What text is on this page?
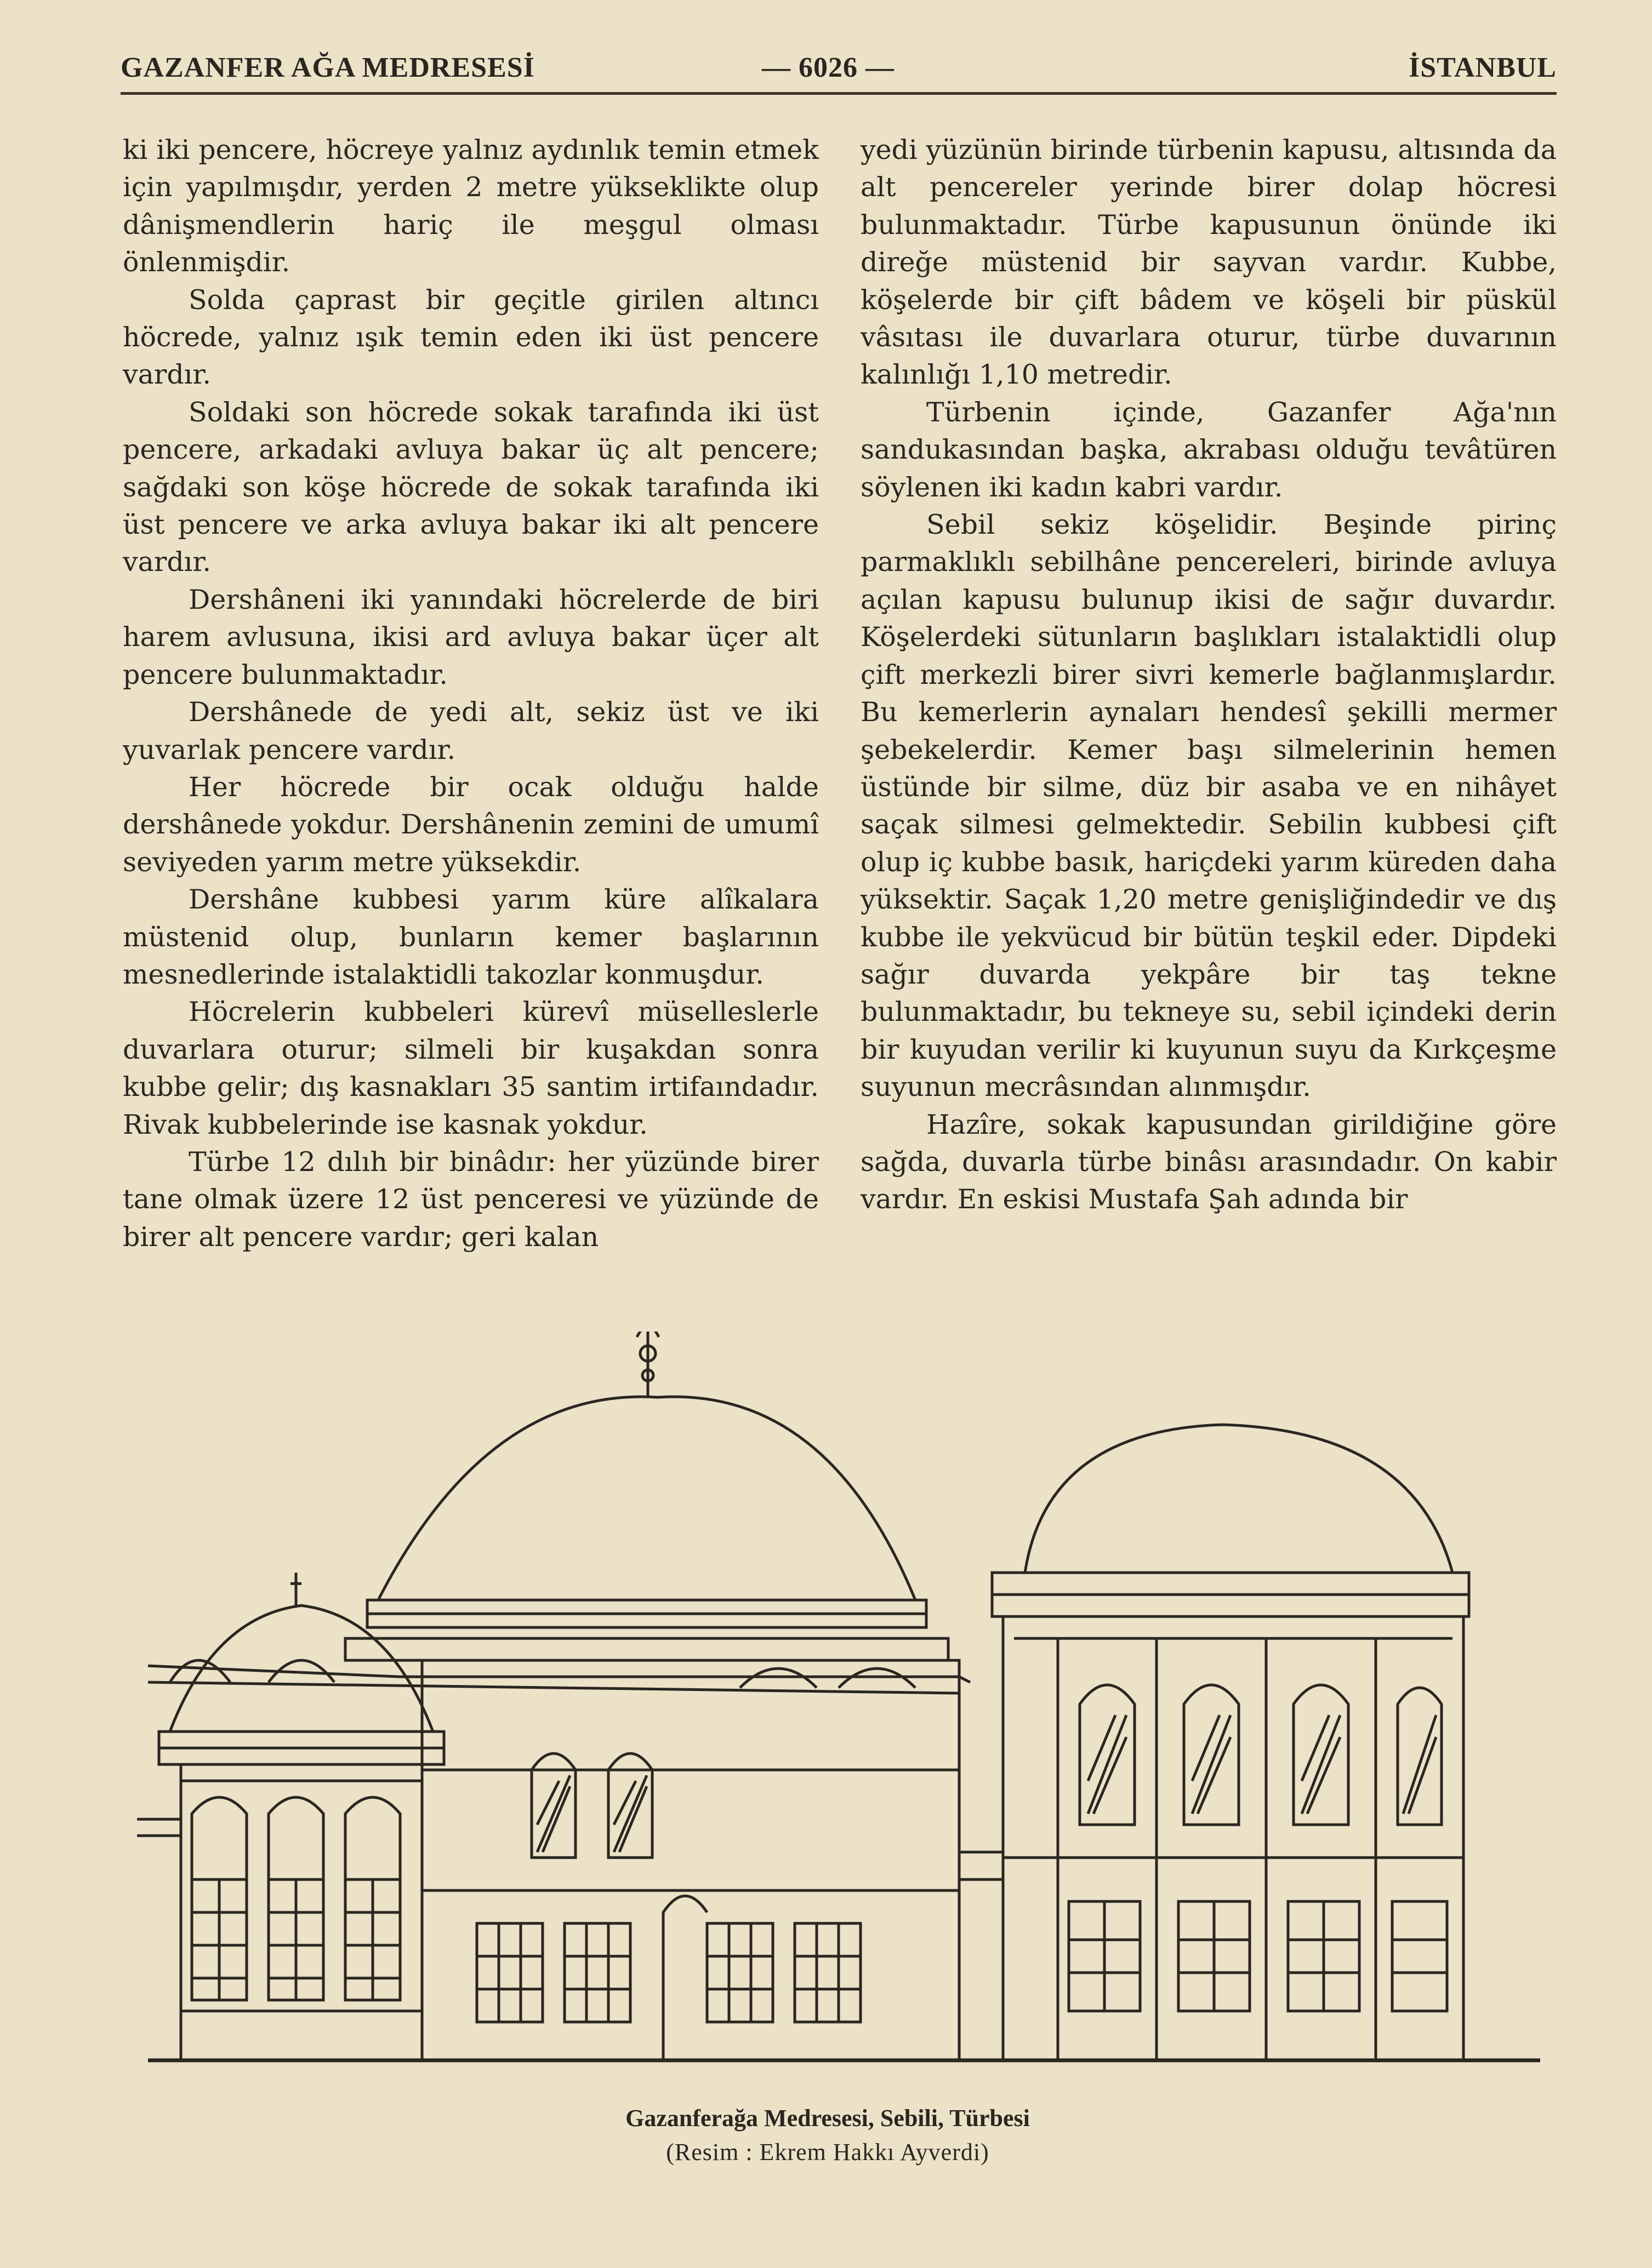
GAZANFER AĞA MEDRESESİ	— 6026 —	İSTANBUL

ki iki pencere, höcreye yalnız aydınlık temin etmek için yapılmışdır, yerden 2 metre yükseklikte olup dânişmendlerin hariç ile meşgul olması önlenmişdir.

Solda çaprast bir geçitle girilen altıncı höcrede, yalnız ışık temin eden iki üst pencere vardır.

Soldaki son höcrede sokak tarafında iki üst pencere, arkadaki avluya bakar üç alt pencere; sağdaki son köşe höcrede de sokak tarafında iki üst pencere ve arka avluya bakar iki alt pencere vardır.

Dershâneni iki yanındaki höcrelerde de biri harem avlusuna, ikisi ard avluya bakar üçer alt pencere bulunmaktadır.

Dershânede de yedi alt, sekiz üst ve iki yuvarlak pencere vardır.

Her höcrede bir ocak olduğu halde dershânede yokdur. Dershânenin zemini de umumî seviyeden yarım metre yüksekdir.

Dershâne kubbesi yarım küre alîkalara müstenid olup, bunların kemer başlarının mesnedlerinde istalaktidli takozlar konmuşdur.

Höcrelerin kubbeleri kürevî müselleslerle duvarlara oturur; silmeli bir kuşakdan sonra kubbe gelir; dış kasnakları 35 santim irtifaındadır. Rivak kubbelerinde ise kasnak yokdur.

Türbe 12 dılıh bir binâdır: her yüzünde birer tane olmak üzere 12 üst penceresi ve yüzünde de birer alt pencere vardır; geri kalan

yedi yüzünün birinde türbenin kapusu, altısında da alt pencereler yerinde birer dolap höcresi bulunmaktadır. Türbe kapusunun önünde iki direğe müstenid bir sayvan vardır. Kubbe, köşelerde bir çift bâdem ve köşeli bir püskül vâsıtası ile duvarlara oturur, türbe duvarının kalınlığı 1,10 metredir.

Türbenin içinde, Gazanfer Ağa'nın sandukasından başka, akrabası olduğu tevâtüren söylenen iki kadın kabri vardır.

Sebil sekiz köşelidir. Beşinde pirinç parmaklıklı sebilhâne pencereleri, birinde avluya açılan kapusu bulunup ikisi de sağır duvardır. Köşelerdeki sütunların başlıkları istalaktidli olup çift merkezli birer sivri kemerle bağlanmışlardır. Bu kemerlerin aynaları hendesî şekilli mermer şebekelerdir. Kemer başı silmelerinin hemen üstünde bir silme, düz bir asaba ve en nihâyet saçak silmesi gelmektedir. Sebilin kubbesi çift olup iç kubbe basık, hariçdeki yarım küreden daha yüksektir. Saçak 1,20 metre genişliğindedir ve dış kubbe ile yekvücud bir bütün teşkil eder. Dipdeki sağır duvarda yekpâre bir taş tekne bulunmaktadır, bu tekneye su, sebil içindeki derin bir kuyudan verilir ki kuyunun suyu da Kırkçeşme suyunun mecrâsından alınmışdır.

Hazîre, sokak kapusundan girildiğine göre sağda, duvarla türbe binâsı arasındadır. On kabir vardır. En eskisi Mustafa Şah adında bir

Gazanferağa Medresesi, Sebili, Türbesi
(Resim : Ekrem Hakkı Ayverdi)
